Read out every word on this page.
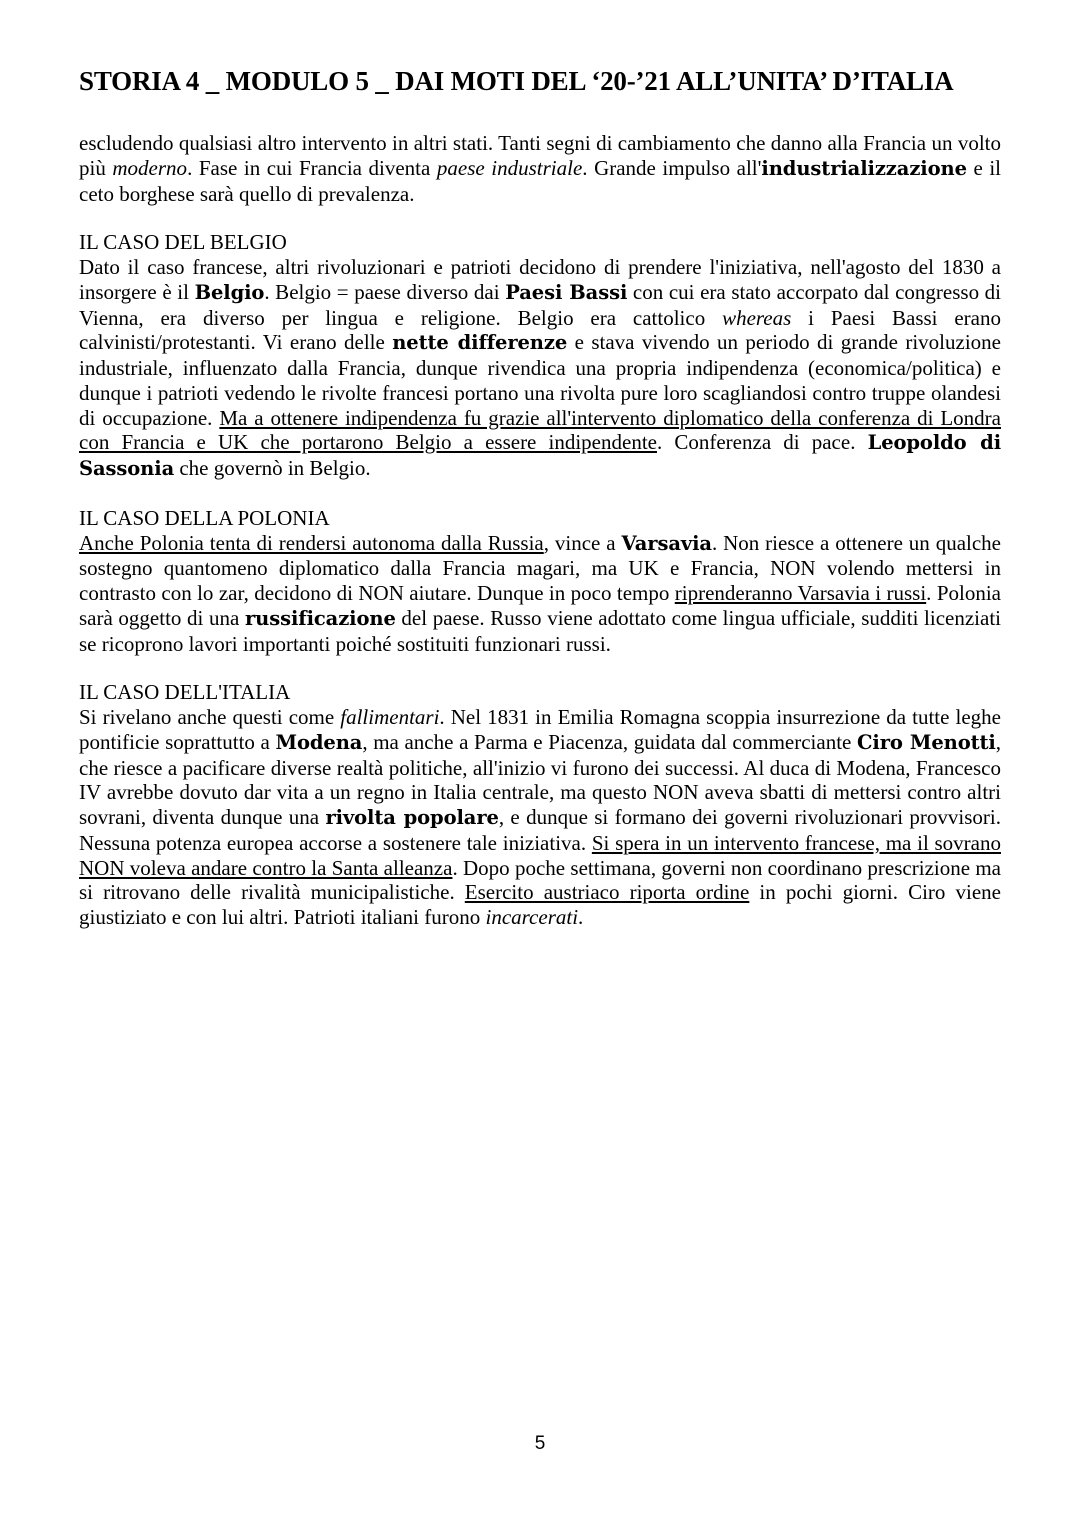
STORIA 4 _ MODULO 5 _ DAI MOTI DEL ‘20-’21 ALL’UNITA’ D’ITALIA

escludendo qualsiasi altro intervento in altri stati. Tanti segni di cambiamento che danno alla Francia un volto più moderno. Fase in cui Francia diventa paese industriale. Grande impulso all'industrializzazione e il ceto borghese sarà quello di prevalenza.

IL CASO DEL BELGIO

Dato il caso francese, altri rivoluzionari e patrioti decidono di prendere l'iniziativa, nell'agosto del 1830 a insorgere è il Belgio. Belgio = paese diverso dai Paesi Bassi con cui era stato accorpato dal congresso di Vienna, era diverso per lingua e religione. Belgio era cattolico whereas i Paesi Bassi erano calvinisti/protestanti. Vi erano delle nette differenze e stava vivendo un periodo di grande rivoluzione industriale, influenzato dalla Francia, dunque rivendica una propria indipendenza (economica/politica) e dunque i patrioti vedendo le rivolte francesi portano una rivolta pure loro scagliandosi contro truppe olandesi di occupazione. Ma a ottenere indipendenza fu grazie all'intervento diplomatico della conferenza di Londra con Francia e UK che portarono Belgio a essere indipendente. Conferenza di pace. Leopoldo di Sassonia che governò in Belgio.

IL CASO DELLA POLONIA

Anche Polonia tenta di rendersi autonoma dalla Russia, vince a Varsavia. Non riesce a ottenere un qualche sostegno quantomeno diplomatico dalla Francia magari, ma UK e Francia, NON volendo mettersi in contrasto con lo zar, decidono di NON aiutare. Dunque in poco tempo riprenderanno Varsavia i russi. Polonia sarà oggetto di una russificazione del paese. Russo viene adottato come lingua ufficiale, sudditi licenziati se ricoprono lavori importanti poiché sostituiti funzionari russi.

IL CASO DELL'ITALIA

Si rivelano anche questi come fallimentari. Nel 1831 in Emilia Romagna scoppia insurrezione da tutte leghe pontificie soprattutto a Modena, ma anche a Parma e Piacenza, guidata dal commerciante Ciro Menotti, che riesce a pacificare diverse realtà politiche, all'inizio vi furono dei successi. Al duca di Modena, Francesco IV avrebbe dovuto dar vita a un regno in Italia centrale, ma questo NON aveva sbatti di mettersi contro altri sovrani, diventa dunque una rivolta popolare, e dunque si formano dei governi rivoluzionari provvisori. Nessuna potenza europea accorse a sostenere tale iniziativa. Si spera in un intervento francese, ma il sovrano NON voleva andare contro la Santa alleanza. Dopo poche settimana, governi non coordinano prescrizione ma si ritrovano delle rivalità municipalistiche. Esercito austriaco riporta ordine in pochi giorni. Ciro viene giustiziato e con lui altri. Patrioti italiani furono incarcerati.

5
